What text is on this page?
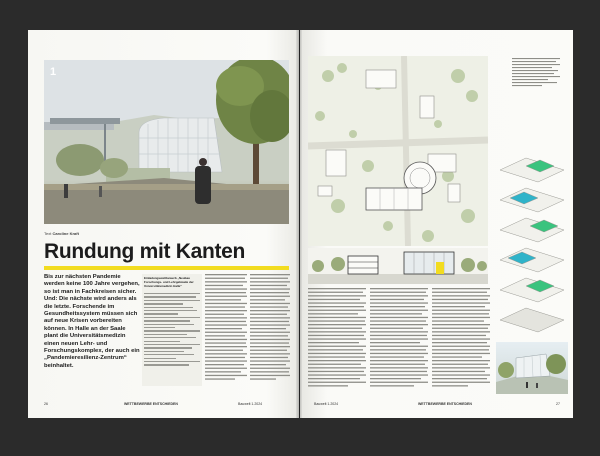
1
Text Caroline Kraft
Rundung mit Kanten
Bis zur nächsten Pandemie werden keine 100 Jahre vergehen, so ist man in Fachkreisen sicher. Und: Die nächste wird anders als die letzte. Forschende im Gesundheitssystem müssen sich auf neue Krisen vorbereiten können. In Halle an der Saale plant die Universitätsmedizin einen neuen Lehr- und Forschungskomplex, der auch ein „Pandemieresilienz-Zentrum“ beinhaltet.
Einladungswettbewerb „Neubau Forschungs- und Lehrgebäude der Universitätsmedizin Halle“
26	WETTBEWERBE ENTSCHIEDEN	Bauwelt 1.2024	Bauwelt 1.2024	WETTBEWERBE ENTSCHIEDEN	27
